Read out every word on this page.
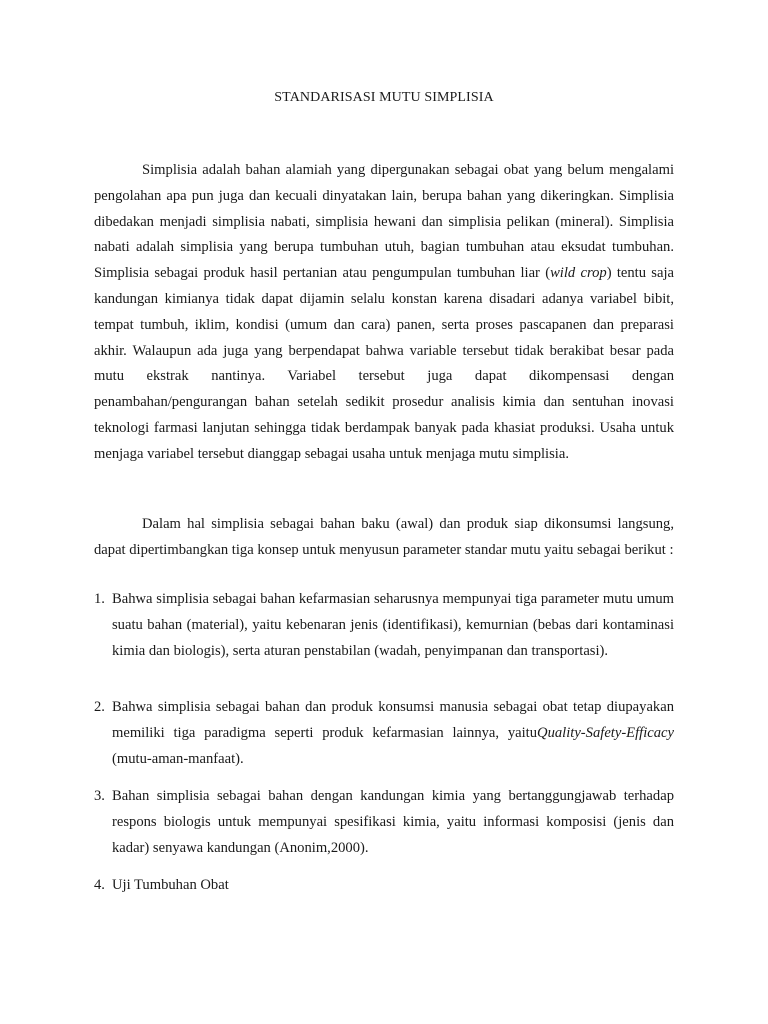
STANDARISASI MUTU SIMPLISIA

Simplisia adalah bahan alamiah yang dipergunakan sebagai obat yang belum mengalami pengolahan apa pun juga dan kecuali dinyatakan lain, berupa bahan yang dikeringkan. Simplisia dibedakan menjadi simplisia nabati, simplisia hewani dan simplisia pelikan (mineral). Simplisia nabati adalah simplisia yang berupa tumbuhan utuh, bagian tumbuhan atau eksudat tumbuhan. Simplisia sebagai produk hasil pertanian atau pengumpulan tumbuhan liar (wild crop) tentu saja kandungan kimianya tidak dapat dijamin selalu konstan karena disadari adanya variabel bibit, tempat tumbuh, iklim, kondisi (umum dan cara) panen, serta proses pascapanen dan preparasi akhir. Walaupun ada juga yang berpendapat bahwa variable tersebut tidak berakibat besar pada mutu ekstrak nantinya. Variabel tersebut juga dapat dikompensasi dengan penambahan/pengurangan bahan setelah sedikit prosedur analisis kimia dan sentuhan inovasi teknologi farmasi lanjutan sehingga tidak berdampak banyak pada khasiat produksi. Usaha untuk menjaga variabel tersebut dianggap sebagai usaha untuk menjaga mutu simplisia.

Dalam hal simplisia sebagai bahan baku (awal) dan produk siap dikonsumsi langsung, dapat dipertimbangkan tiga konsep untuk menyusun parameter standar mutu yaitu sebagai berikut :

1. Bahwa simplisia sebagai bahan kefarmasian seharusnya mempunyai tiga parameter mutu umum suatu bahan (material), yaitu kebenaran jenis (identifikasi), kemurnian (bebas dari kontaminasi kimia dan biologis), serta aturan penstabilan (wadah, penyimpanan dan transportasi).
2. Bahwa simplisia sebagai bahan dan produk konsumsi manusia sebagai obat tetap diupayakan memiliki tiga paradigma seperti produk kefarmasian lainnya, yaituQuality-Safety-Efficacy (mutu-aman-manfaat).
3. Bahan simplisia sebagai bahan dengan kandungan kimia yang bertanggungjawab terhadap respons biologis untuk mempunyai spesifikasi kimia, yaitu informasi komposisi (jenis dan kadar) senyawa kandungan (Anonim,2000).
4. Uji Tumbuhan Obat
